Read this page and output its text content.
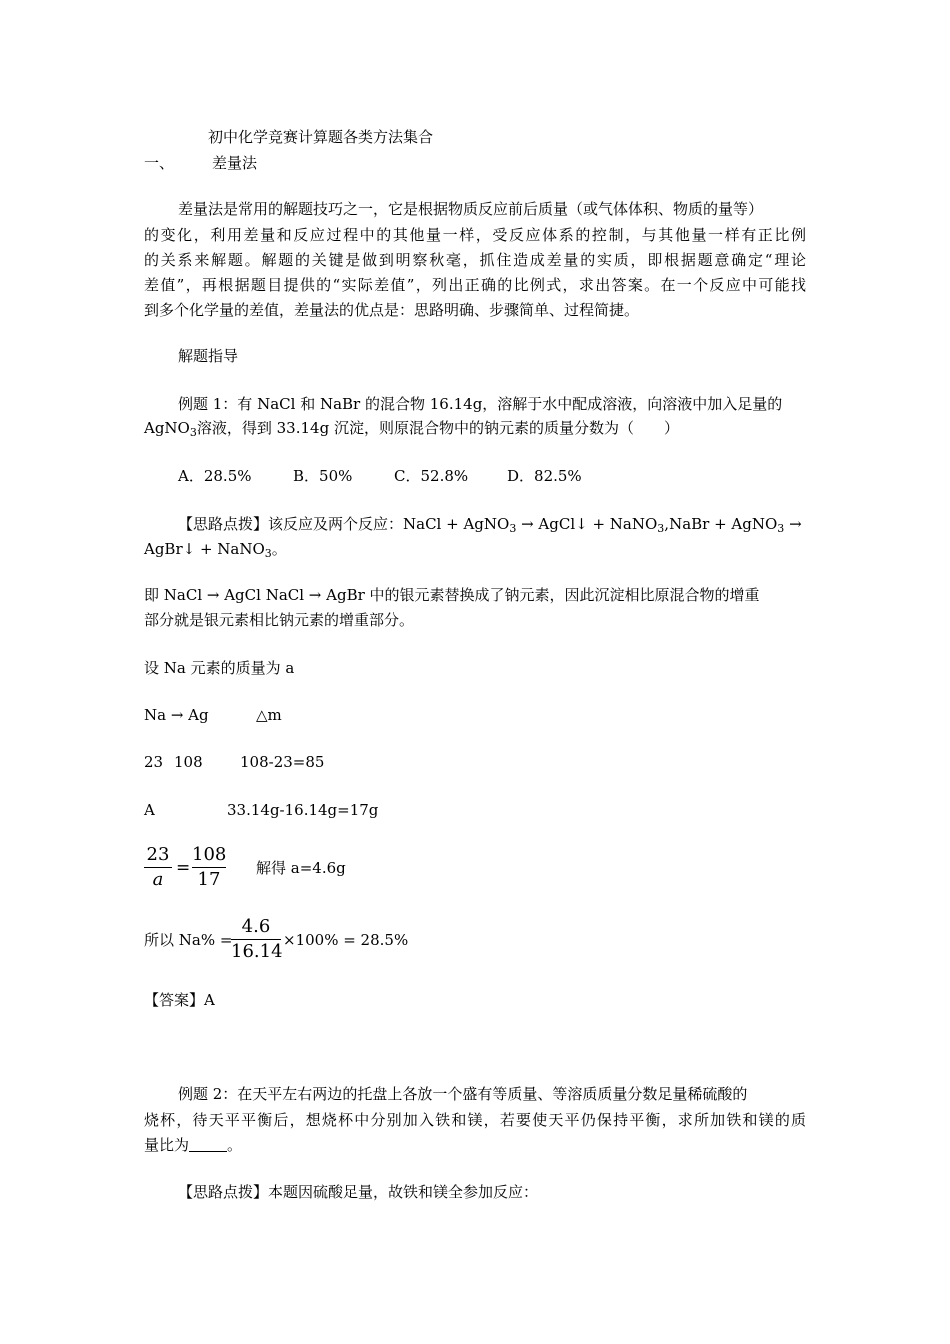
初中化学竞赛计算题各类方法集合
一、	差量法
差量法是常用的解题技巧之一，它是根据物质反应前后质量（或气体体积、物质的量等）
的变化，利用差量和反应过程中的其他量一样，受反应体系的控制，与其他量一样有正比例
的关系来解题。解题的关键是做到明察秋毫，抓住造成差量的实质，即根据题意确定“理论
差值”，再根据题目提供的“实际差值”，列出正确的比例式，求出答案。在一个反应中可能找
到多个化学量的差值，差量法的优点是：思路明确、步骤简单、过程简捷。
解题指导
例题 1：有 NaCl 和 NaBr 的混合物 16.14g，溶解于水中配成溶液，向溶液中加入足量的
AgNO$_3$溶液，得到 33.14g 沉淀，则原混合物中的钠元素的质量分数为（　　）
A．28.5%	B．50%	C．52.8%	D．82.5%
【思路点拨】该反应及两个反应：NaCl + AgNO$_3$ → AgCl↓ + NaNO$_3$,NaBr + AgNO$_3$ →
AgBr↓ + NaNO$_3$。
即 NaCl → AgCl NaCl → AgBr 中的银元素替换成了钠元素，因此沉淀相比原混合物的增重
部分就是银元素相比钠元素的增重部分。
设 Na 元素的质量为 a
Na → Ag	△m
23 108 108-23=85
A	33.14g-16.14g=17g
23
a
=
108
17
解得 a=4.6g
所以 Na% =
4.6
16.14
×100% = 28.5%
【答案】A
例题 2：在天平左右两边的托盘上各放一个盛有等质量、等溶质质量分数足量稀硫酸的
烧杯，待天平平衡后，想烧杯中分别加入铁和镁，若要使天平仍保持平衡，求所加铁和镁的质
量比为	。
【思路点拨】本题因硫酸足量，故铁和镁全参加反应：
